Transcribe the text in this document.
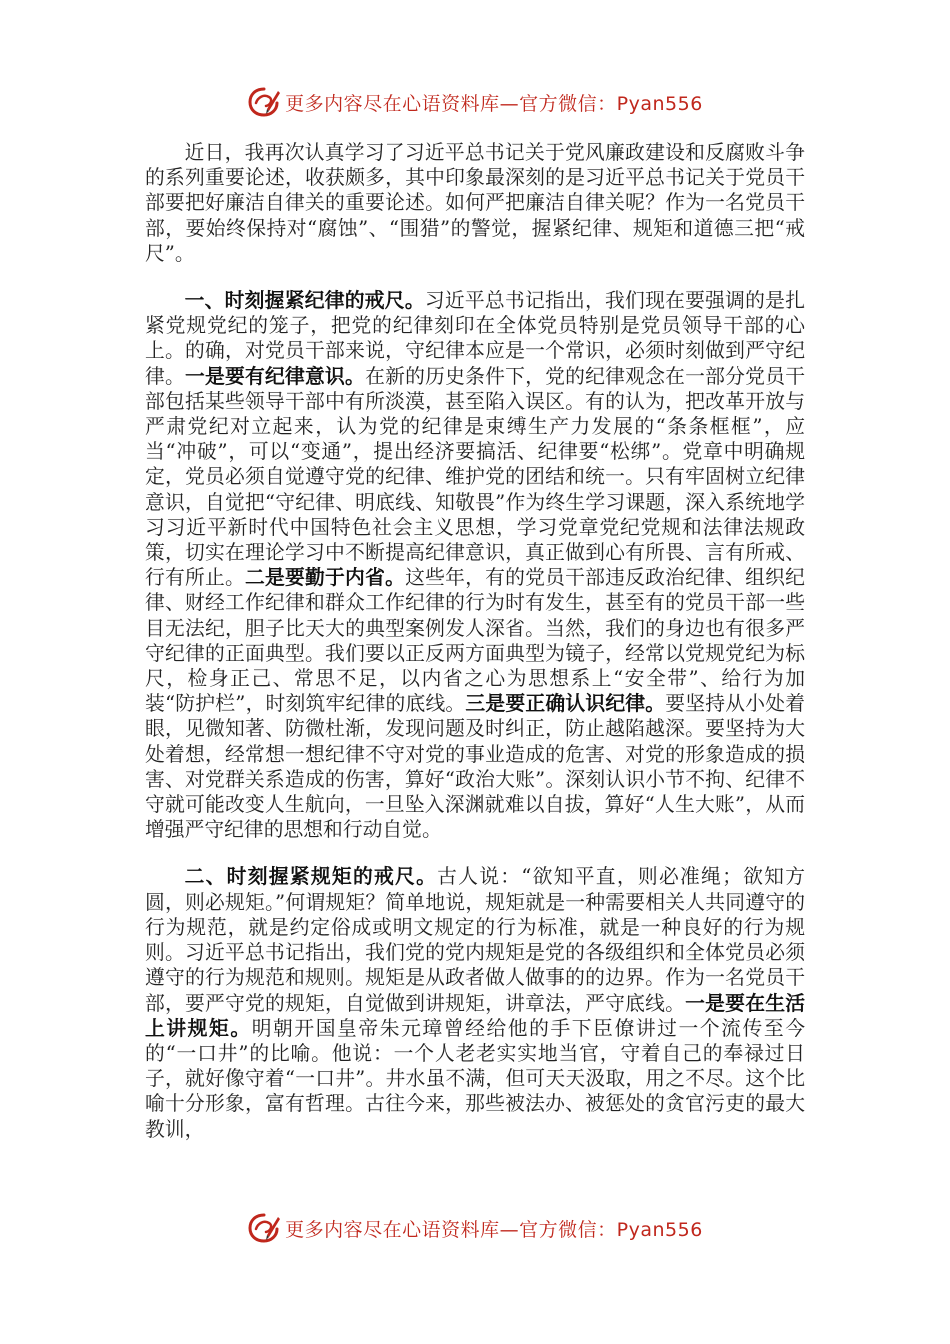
更多内容尽在心语资料库—官方微信：Pyan556

近日，我再次认真学习了习近平总书记关于党风廉政建设和反腐败斗争的系列重要论述，收获颇多，其中印象最深刻的是习近平总书记关于党员干部要把好廉洁自律关的重要论述。如何严把廉洁自律关呢？作为一名党员干部，要始终保持对“腐蚀”、“围猎”的警觉，握紧纪律、规矩和道德三把“戒尺”。

一、时刻握紧纪律的戒尺。习近平总书记指出，我们现在要强调的是扎紧党规党纪的笼子，把党的纪律刻印在全体党员特别是党员领导干部的心上。的确，对党员干部来说，守纪律本应是一个常识，必须时刻做到严守纪律。一是要有纪律意识。在新的历史条件下，党的纪律观念在一部分党员干部包括某些领导干部中有所淡漠，甚至陷入误区。有的认为，把改革开放与严肃党纪对立起来，认为党的纪律是束缚生产力发展的“条条框框”，应当“冲破”，可以“变通”，提出经济要搞活、纪律要“松绑”。党章中明确规定，党员必须自觉遵守党的纪律、维护党的团结和统一。只有牢固树立纪律意识，自觉把“守纪律、明底线、知敬畏”作为终生学习课题，深入系统地学习习近平新时代中国特色社会主义思想，学习党章党纪党规和法律法规政策，切实在理论学习中不断提高纪律意识，真正做到心有所畏、言有所戒、行有所止。二是要勤于内省。这些年，有的党员干部违反政治纪律、组织纪律、财经工作纪律和群众工作纪律的行为时有发生，甚至有的党员干部一些目无法纪，胆子比天大的典型案例发人深省。当然，我们的身边也有很多严守纪律的正面典型。我们要以正反两方面典型为镜子，经常以党规党纪为标尺，检身正己、常思不足，以内省之心为思想系上“安全带”、给行为加装“防护栏”，时刻筑牢纪律的底线。三是要正确认识纪律。要坚持从小处着眼，见微知著、防微杜渐，发现问题及时纠正，防止越陷越深。要坚持为大处着想，经常想一想纪律不守对党的事业造成的危害、对党的形象造成的损害、对党群关系造成的伤害，算好“政治大账”。深刻认识小节不拘、纪律不守就可能改变人生航向，一旦坠入深渊就难以自拔，算好“人生大账”，从而增强严守纪律的思想和行动自觉。

二、时刻握紧规矩的戒尺。古人说：“欲知平直，则必准绳；欲知方圆，则必规矩。”何谓规矩？简单地说，规矩就是一种需要相关人共同遵守的行为规范，就是约定俗成或明文规定的行为标准，就是一种良好的行为规则。习近平总书记指出，我们党的党内规矩是党的各级组织和全体党员必须遵守的行为规范和规则。规矩是从政者做人做事的的边界。作为一名党员干部，要严守党的规矩，自觉做到讲规矩，讲章法，严守底线。一是要在生活上讲规矩。明朝开国皇帝朱元璋曾经给他的手下臣僚讲过一个流传至今的“一口井”的比喻。他说：一个人老老实实地当官，守着自己的奉禄过日子，就好像守着“一口井”。井水虽不满，但可天天汲取，用之不尽。这个比喻十分形象，富有哲理。古往今来，那些被法办、被惩处的贪官污吏的最大教训，

更多内容尽在心语资料库—官方微信：Pyan556
